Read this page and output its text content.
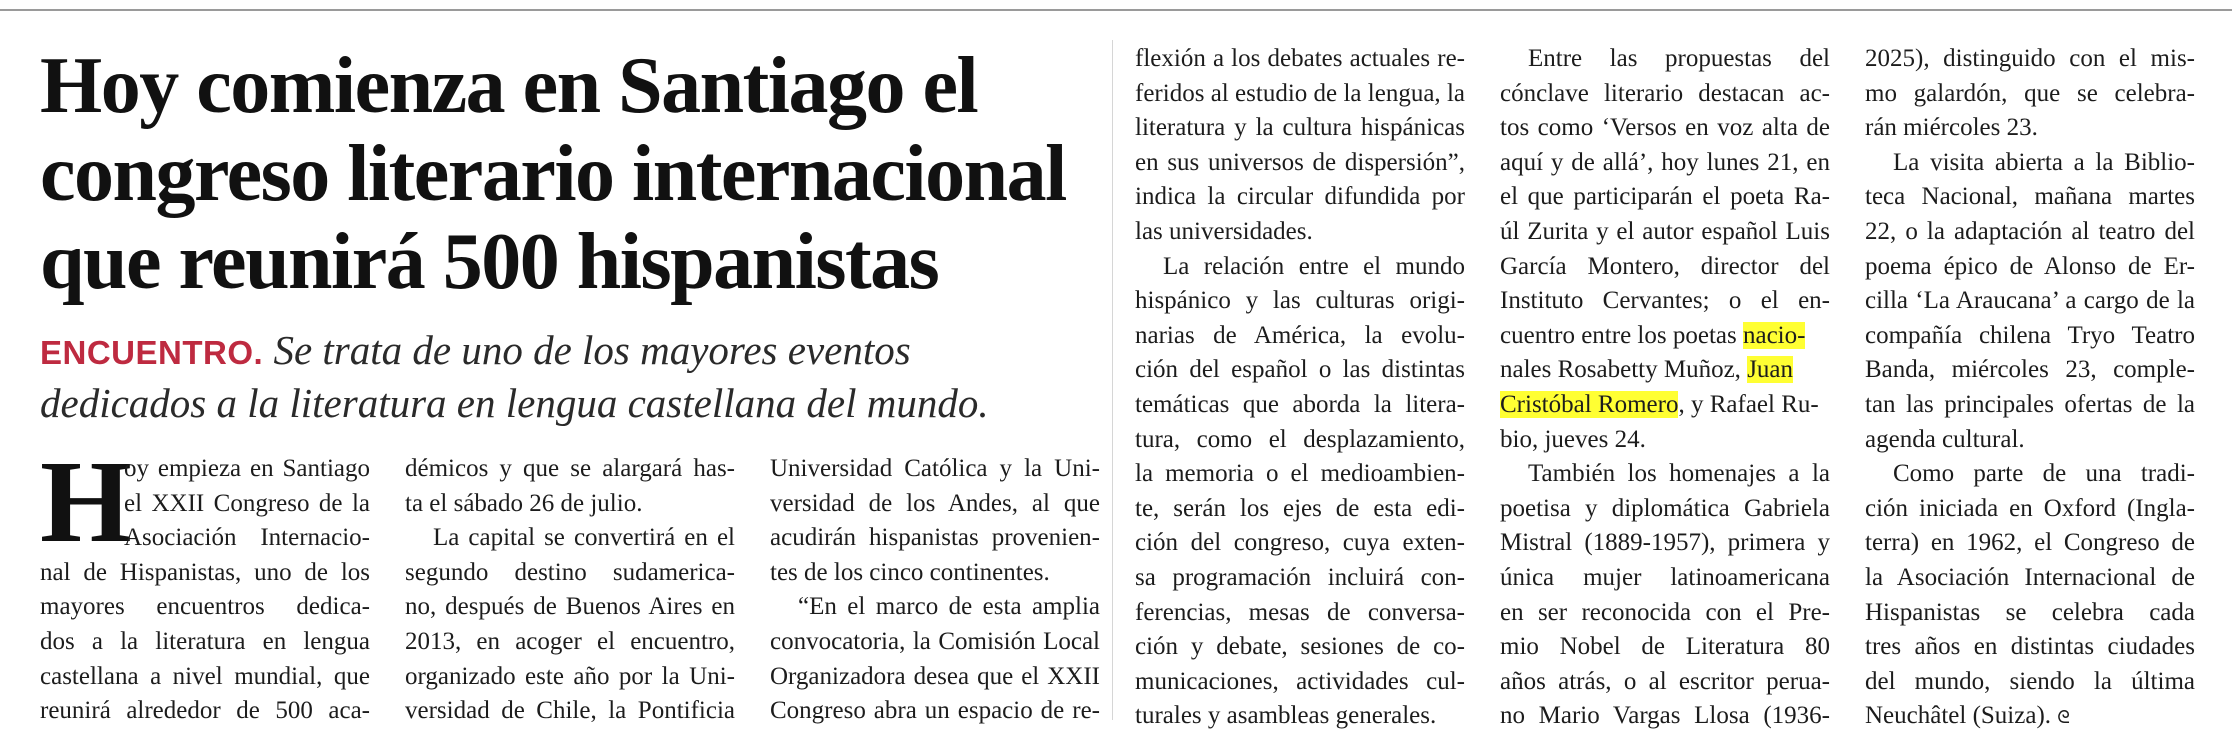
Hoy comienza en Santiago el
congreso literario internacional
que reunirá 500 hispanistas
ENCUENTRO. Se trata de uno de los mayores eventos
dedicados a la literatura en lengua castellana del mundo.
H
oy empieza en Santiago
el XXII Congreso de la
Asociación Internacio-
nal de Hispanistas, uno de los
mayores encuentros dedica-
dos a la literatura en lengua
castellana a nivel mundial, que
reunirá alrededor de 500 aca-
démicos y que se alargará has-
ta el sábado 26 de julio.
La capital se convertirá en el
segundo destino sudamerica-
no, después de Buenos Aires en
2013, en acoger el encuentro,
organizado este año por la Uni-
versidad de Chile, la Pontificia
Universidad Católica y la Uni-
versidad de los Andes, al que
acudirán hispanistas provenien-
tes de los cinco continentes.
“En el marco de esta amplia
convocatoria, la Comisión Local
Organizadora desea que el XXII
Congreso abra un espacio de re-
flexión a los debates actuales re-
feridos al estudio de la lengua, la
literatura y la cultura hispánicas
en sus universos de dispersión”,
indica la circular difundida por
las universidades.
La relación entre el mundo
hispánico y las culturas origi-
narias de América, la evolu-
ción del español o las distintas
temáticas que aborda la litera-
tura, como el desplazamiento,
la memoria o el medioambien-
te, serán los ejes de esta edi-
ción del congreso, cuya exten-
sa programación incluirá con-
ferencias, mesas de conversa-
ción y debate, sesiones de co-
municaciones, actividades cul-
turales y asambleas generales.
Entre las propuestas del
cónclave literario destacan ac-
tos como ‘Versos en voz alta de
aquí y de allá’, hoy lunes 21, en
el que participarán el poeta Ra-
úl Zurita y el autor español Luis
García Montero, director del
Instituto Cervantes; o el en-
cuentro entre los poetas nacio-
nales Rosabetty Muñoz, Juan
Cristóbal Romero, y Rafael Ru-
bio, jueves 24.
También los homenajes a la
poetisa y diplomática Gabriela
Mistral (1889-1957), primera y
única mujer latinoamericana
en ser reconocida con el Pre-
mio Nobel de Literatura 80
años atrás, o al escritor perua-
no Mario Vargas Llosa (1936-
2025), distinguido con el mis-
mo galardón, que se celebra-
rán miércoles 23.
La visita abierta a la Biblio-
teca Nacional, mañana martes
22, o la adaptación al teatro del
poema épico de Alonso de Er-
cilla ‘La Araucana’ a cargo de la
compañía chilena Tryo Teatro
Banda, miércoles 23, comple-
tan las principales ofertas de la
agenda cultural.
Como parte de una tradi-
ción iniciada en Oxford (Ingla-
terra) en 1962, el Congreso de
la Asociación Internacional de
Hispanistas se celebra cada
tres años en distintas ciudades
del mundo, siendo la última
Neuchâtel (Suiza). ᘓ
